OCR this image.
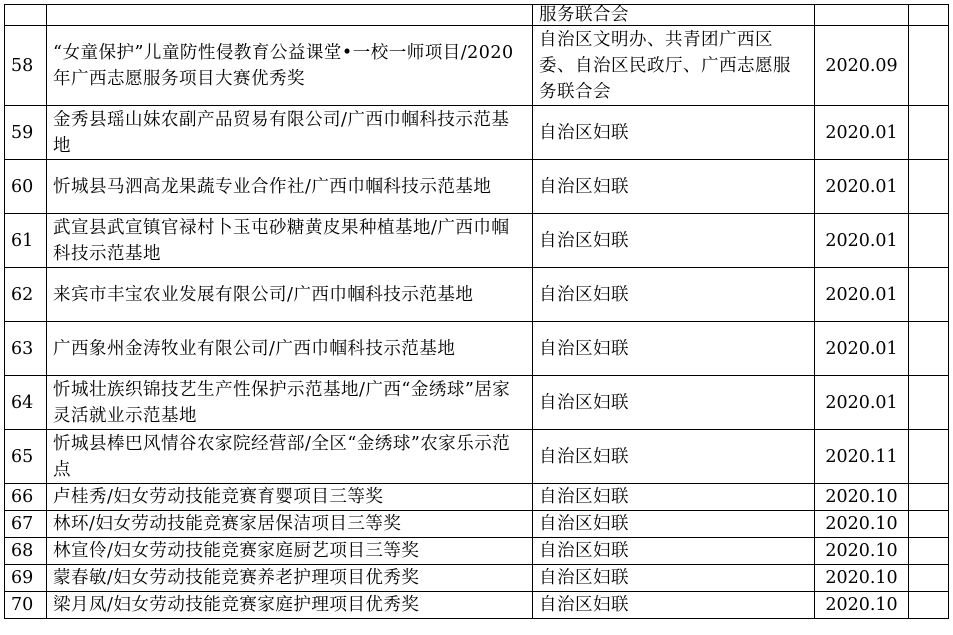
		服务联合会		
58	“女童保护”儿童防性侵教育公益课堂•一校一师项目/2020 年广西志愿服务项目大赛优秀奖	自治区文明办、共青团广西区委、自治区民政厅、广西志愿服务联合会	2020.09	
59	金秀县瑶山妹农副产品贸易有限公司/广西巾帼科技示范基地	自治区妇联	2020.01	
60	忻城县马泗高龙果蔬专业合作社/广西巾帼科技示范基地	自治区妇联	2020.01	
61	武宣县武宣镇官禄村卜玉屯砂糖黄皮果种植基地/广西巾帼科技示范基地	自治区妇联	2020.01	
62	来宾市丰宝农业发展有限公司/广西巾帼科技示范基地	自治区妇联	2020.01	
63	广西象州金涛牧业有限公司/广西巾帼科技示范基地	自治区妇联	2020.01	
64	忻城壮族织锦技艺生产性保护示范基地/广西“金绣球”居家灵活就业示范基地	自治区妇联	2020.01	
65	忻城县棒巴风情谷农家院经营部/全区“金绣球”农家乐示范点	自治区妇联	2020.11	
66	卢桂秀/妇女劳动技能竞赛育婴项目三等奖	自治区妇联	2020.10	
67	林环/妇女劳动技能竞赛家居保洁项目三等奖	自治区妇联	2020.10	
68	林宣伶/妇女劳动技能竞赛家庭厨艺项目三等奖	自治区妇联	2020.10	
69	蒙春敏/妇女劳动技能竞赛养老护理项目优秀奖	自治区妇联	2020.10	
70	梁月凤/妇女劳动技能竞赛家庭护理项目优秀奖	自治区妇联	2020.10	
